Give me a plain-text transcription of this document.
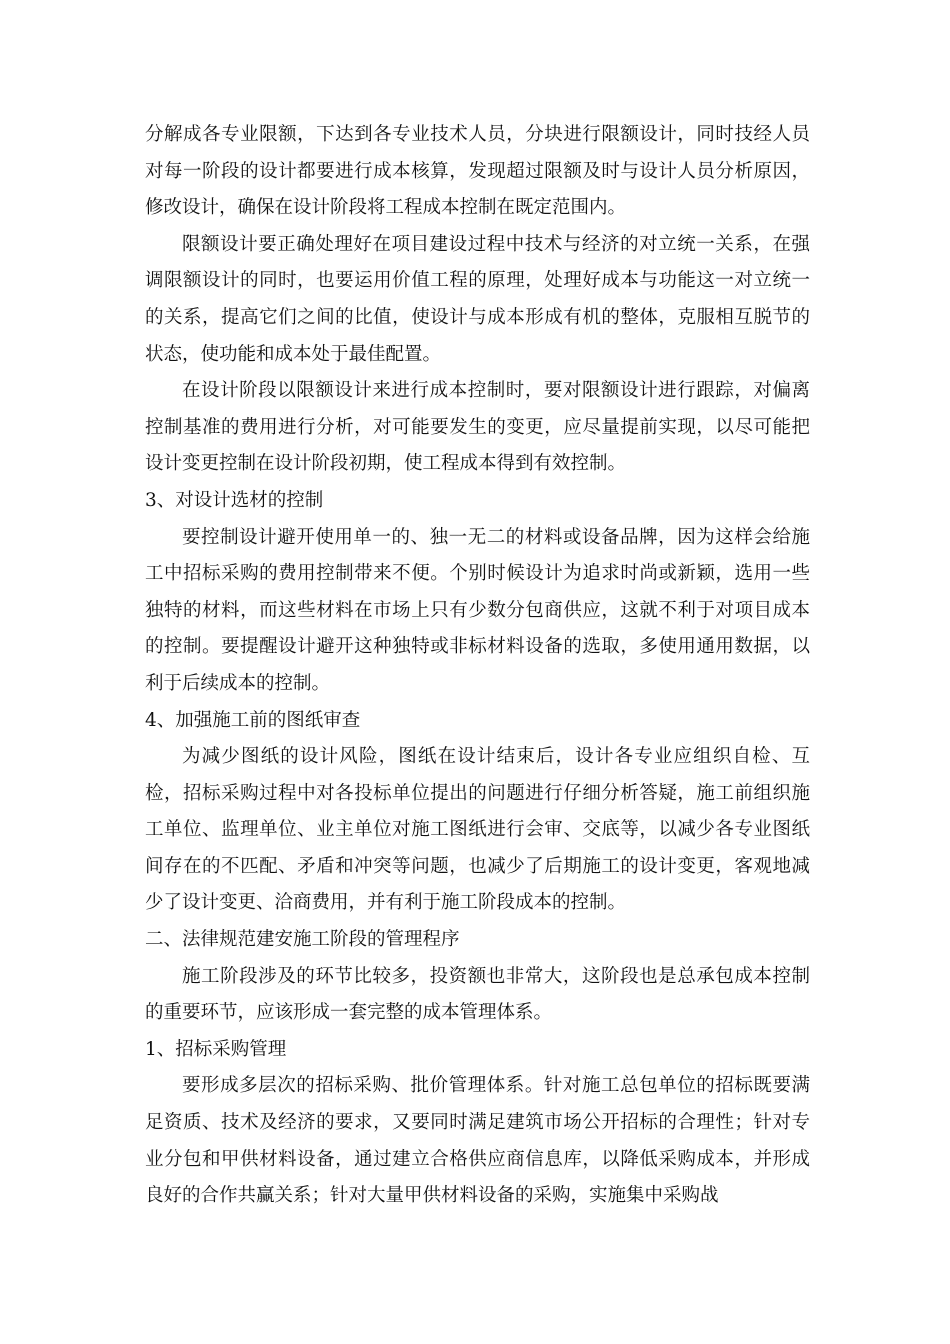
分解成各专业限额，下达到各专业技术人员，分块进行限额设计，同时技经人员对每一阶段的设计都要进行成本核算，发现超过限额及时与设计人员分析原因，修改设计，确保在设计阶段将工程成本控制在既定范围内。

限额设计要正确处理好在项目建设过程中技术与经济的对立统一关系，在强调限额设计的同时，也要运用价值工程的原理，处理好成本与功能这一对立统一的关系，提高它们之间的比值，使设计与成本形成有机的整体，克服相互脱节的状态，使功能和成本处于最佳配置。

在设计阶段以限额设计来进行成本控制时，要对限额设计进行跟踪，对偏离控制基准的费用进行分析，对可能要发生的变更，应尽量提前实现，以尽可能把设计变更控制在设计阶段初期，使工程成本得到有效控制。

3、对设计选材的控制

要控制设计避开使用单一的、独一无二的材料或设备品牌，因为这样会给施工中招标采购的费用控制带来不便。个别时候设计为追求时尚或新颖，选用一些独特的材料，而这些材料在市场上只有少数分包商供应，这就不利于对项目成本的控制。要提醒设计避开这种独特或非标材料设备的选取，多使用通用数据，以利于后续成本的控制。

4、加强施工前的图纸审查

为减少图纸的设计风险，图纸在设计结束后，设计各专业应组织自检、互检，招标采购过程中对各投标单位提出的问题进行仔细分析答疑，施工前组织施工单位、监理单位、业主单位对施工图纸进行会审、交底等，以减少各专业图纸间存在的不匹配、矛盾和冲突等问题，也减少了后期施工的设计变更，客观地减少了设计变更、洽商费用，并有利于施工阶段成本的控制。

二、法律规范建安施工阶段的管理程序

施工阶段涉及的环节比较多，投资额也非常大，这阶段也是总承包成本控制的重要环节，应该形成一套完整的成本管理体系。

1、招标采购管理

要形成多层次的招标采购、批价管理体系。针对施工总包单位的招标既要满足资质、技术及经济的要求，又要同时满足建筑市场公开招标的合理性；针对专业分包和甲供材料设备，通过建立合格供应商信息库，以降低采购成本，并形成良好的合作共赢关系；针对大量甲供材料设备的采购，实施集中采购战
